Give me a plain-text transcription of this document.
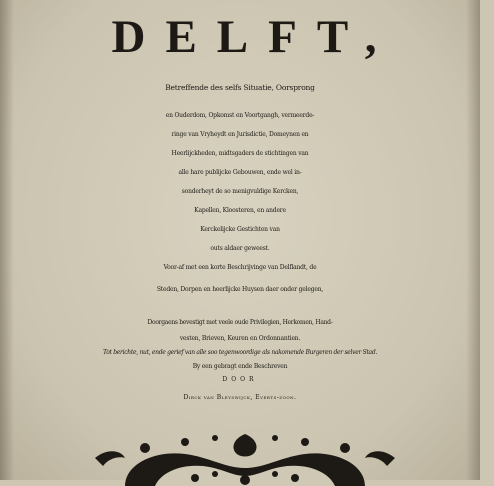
DELFT,
Betreffende des selfs Situatie, Oorsprong
en Ouderdom, Opkomst en Voortgangh, vermeerde-
ringe van Vryheydt en Jurisdictie, Domeynen en
Heerlijckheden, midtsgaders de stichtingen van
alle hare publijcke Gebouwen, ende wel in-
sonderheyt de so menigvuldige Kercken,
Kapellen, Kloosteren, en andere
Kerckelijcke Gestichten van
outs aldaer geweest.
Voor-af met een korte Beschrijvinge van Delflandt, de
Steden, Dorpen en heerlijcke Huysen daer onder gelegen,
Doorgaens bevestigt met veele oude Privilegien, Herkomen, Hand-
vesten, Brieven, Keuren en Ordonnantien.
Tot berichte, nut, ende gerief van alle soo tegenwoordige als nakomende Burgeren der selver Stad.
By een gebragt ende Beschreven
DOOR
Dirck van Bleyswijck, Everts-zoon.
